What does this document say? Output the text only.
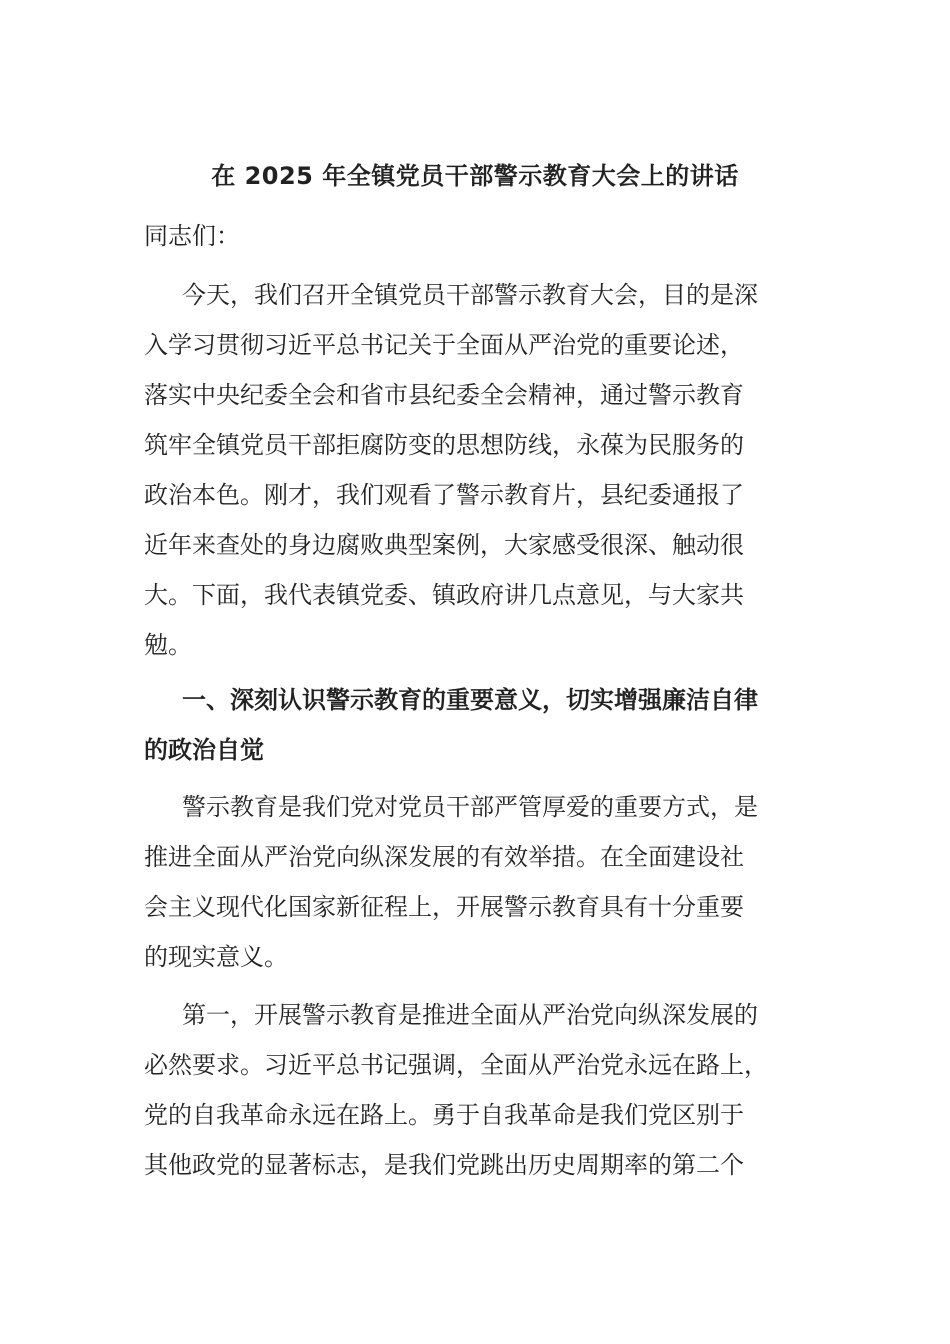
在 2025 年全镇党员干部警示教育大会上的讲话
同志们：
今天，我们召开全镇党员干部警示教育大会，目的是深
入学习贯彻习近平总书记关于全面从严治党的重要论述，
落实中央纪委全会和省市县纪委全会精神，通过警示教育
筑牢全镇党员干部拒腐防变的思想防线，永葆为民服务的
政治本色。刚才，我们观看了警示教育片，县纪委通报了
近年来查处的身边腐败典型案例，大家感受很深、触动很
大。下面，我代表镇党委、镇政府讲几点意见，与大家共
勉。
一、深刻认识警示教育的重要意义，切实增强廉洁自律
的政治自觉
警示教育是我们党对党员干部严管厚爱的重要方式，是
推进全面从严治党向纵深发展的有效举措。在全面建设社
会主义现代化国家新征程上，开展警示教育具有十分重要
的现实意义。
第一，开展警示教育是推进全面从严治党向纵深发展的
必然要求。习近平总书记强调，全面从严治党永远在路上，
党的自我革命永远在路上。勇于自我革命是我们党区别于
其他政党的显著标志，是我们党跳出历史周期率的第二个
